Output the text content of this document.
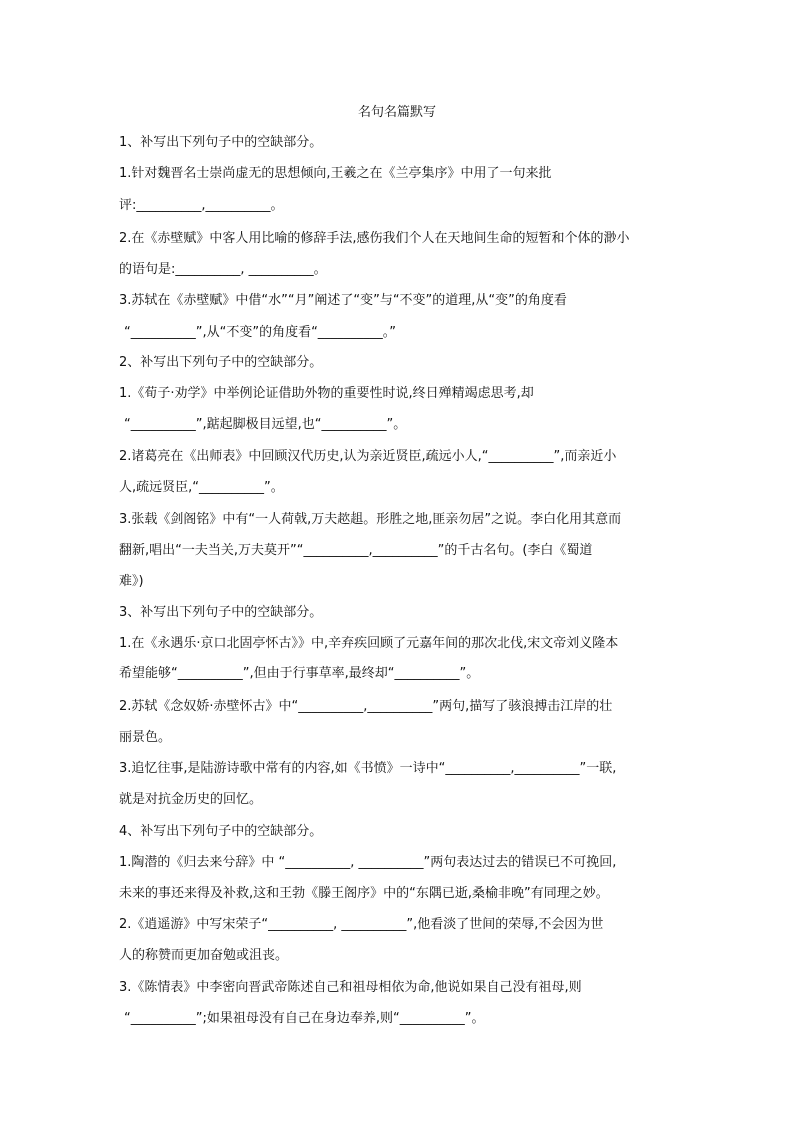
名句名篇默写
1、补写出下列句子中的空缺部分。
1.针对魏晋名士崇尚虚无的思想倾向,王羲之在《兰亭集序》中用了一句来批
评:__________,__________。
2.在《赤壁赋》中客人用比喻的修辞手法,感伤我们个人在天地间生命的短暂和个体的渺小
的语句是:__________, __________。
3.苏轼在《赤壁赋》中借“水”“月”阐述了“变”与“不变”的道理,从“变”的角度看
“__________”,从“不变”的角度看“__________。”
2、补写出下列句子中的空缺部分。
1.《荀子·劝学》中举例论证借助外物的重要性时说,终日殚精竭虑思考,却
“__________”,踮起脚极目远望,也“__________”。
2.诸葛亮在《出师表》中回顾汉代历史,认为亲近贤臣,疏远小人,“__________”,而亲近小
人,疏远贤臣,“__________”。
3.张载《剑阁铭》中有“一人荷戟,万夫趑趄。形胜之地,匪亲勿居”之说。李白化用其意而
翻新,唱出“一夫当关,万夫莫开”“__________,__________”的千古名句。(李白《蜀道
难》)
3、补写出下列句子中的空缺部分。
1.在《永遇乐·京口北固亭怀古》》中,辛弃疾回顾了元嘉年间的那次北伐,宋文帝刘义隆本
希望能够“__________”,但由于行事草率,最终却“__________”。
2.苏轼《念奴娇·赤壁怀古》中“__________,__________”两句,描写了骇浪搏击江岸的壮
丽景色。
3.追忆往事,是陆游诗歌中常有的内容,如《书愤》一诗中“__________,__________”一联,
就是对抗金历史的回忆。
4、补写出下列句子中的空缺部分。
1.陶潜的《归去来兮辞》中 “__________, __________”两句表达过去的错误已不可挽回,
未来的事还来得及补救,这和王勃《滕王阁序》中的“东隅已逝,桑榆非晚”有同理之妙。
2.《逍遥游》中写宋荣子“__________, __________”,他看淡了世间的荣辱,不会因为世
人的称赞而更加奋勉或沮丧。
3.《陈情表》中李密向晋武帝陈述自己和祖母相依为命,他说如果自己没有祖母,则
“__________”;如果祖母没有自己在身边奉养,则“__________”。
